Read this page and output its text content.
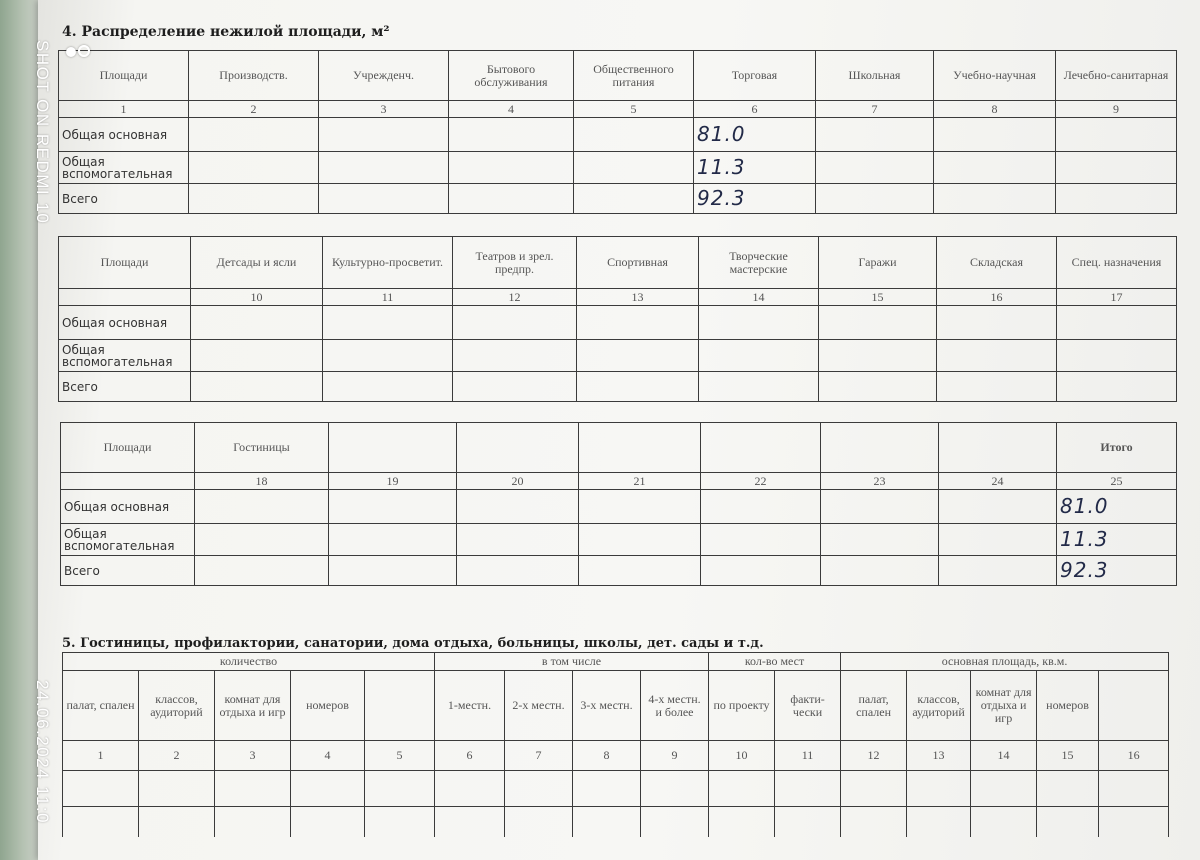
4. Распределение нежилой площади, м²
Площади	Производств.	Учрежденч.	Бытового обслуживания	Общественного питания	Торговая	Школьная	Учебно-научная	Лечебно-санитарная
1	2	3	4	5	6	7	8	9
Общая основная					81.0			
Общая вспомогательная					11.3			
Всего					92.3			
Площади	Детсады и ясли	Культурно-просветит.	Театров и зрел. предпр.	Спортивная	Творческие мастерские	Гаражи	Складская	Спец. назначения
	10	11	12	13	14	15	16	17
Общая основная								
Общая вспомогательная								
Всего								
Площади	Гостиницы							Итого
	18	19	20	21	22	23	24	25
Общая основная								81.0
Общая вспомогательная								11.3
Всего								92.3
5. Гостиницы, профилактории, санатории, дома отдыха, больницы, школы, дет. сады и т.д.
количество					в том числе				кол-во мест		основная площадь, кв.м.				
палат, спален	классов, аудиторий	комнат для отдыха и игр	номеров		1-местн.	2-х местн.	3-х местн.	4-х местн. и более	по проекту	факти-чески	палат, спален	классов, аудиторий	комнат для отдыха и игр	номеров	
1	2	3	4	5	6	7	8	9	10	11	12	13	14	15	16

SHOT ON REDMI 10
24.06.2024 11:0
